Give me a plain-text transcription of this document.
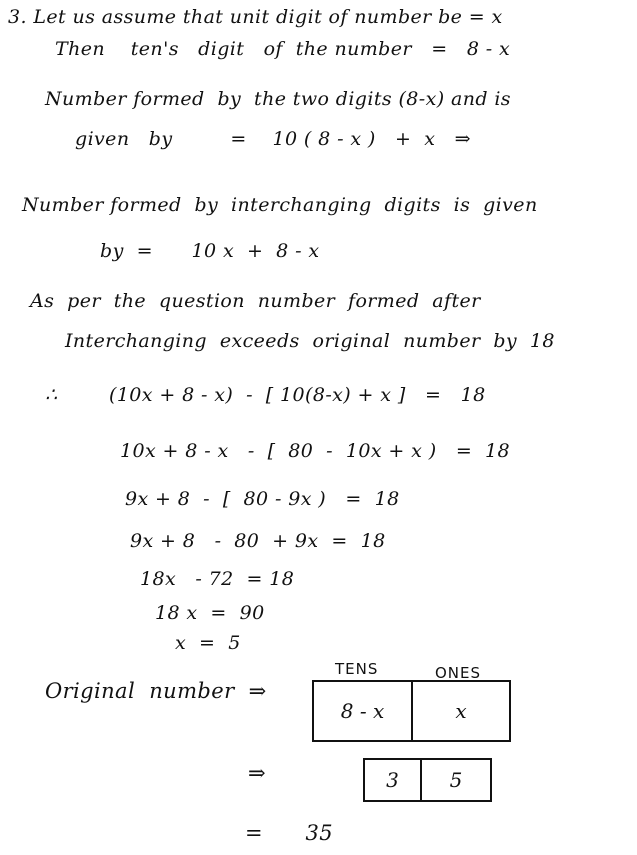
3. Let us assume that unit digit of number be = x
Then    ten's   digit   of  the number   =   8 - x
Number formed  by  the two digits (8-x) and is
given   by         =    10 ( 8 - x )   +  x   ⇒
Number formed  by  interchanging  digits  is  given
by  =      10 x  +  8 - x
As  per  the  question  number  formed  after
Interchanging  exceeds  original  number  by  18
∴        (10x + 8 - x)  -  [ 10(8-x) + x ]   =   18
10x + 8 - x   -  [  80  -  10x + x )   =  18
9x + 8  -  [  80 - 9x )   =  18
9x + 8   -  80  + 9x  =  18
18x   - 72  = 18
18 x  =  90
x  =  5
TENS	ONES
Original  number  ⇒
8 - x	x
⇒	3	5
=      35
